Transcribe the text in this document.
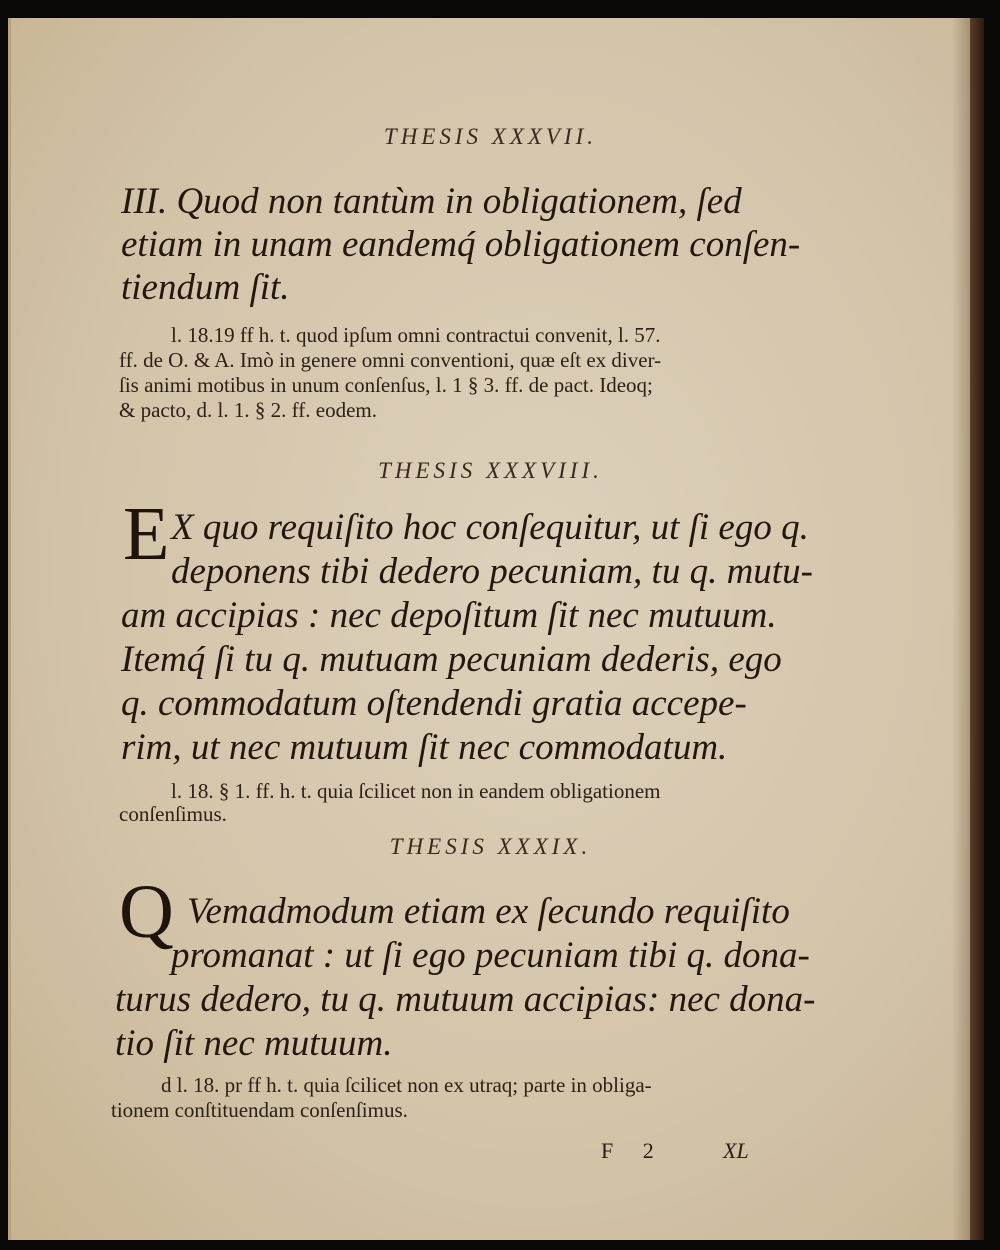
THESIS XXXVII.

III. Quod non tantùm in obligationem, ſed

etiam in unam eandemq́ obligationem conſen-

tiendum ſit.

l. 18.19 ff h. t. quod ipſum omni contractui convenit, l. 57.

ff. de O. & A. Imò in genere omni conventioni, quæ eſt ex diver-

ſis animi motibus in unum conſenſus, l. 1 § 3. ff. de pact. Ideoq;

& pacto, d. l. 1. § 2. ff. eodem.

THESIS XXXVIII.
E X quo requiſito hoc conſequitur, ut ſi ego q.

deponens tibi dedero pecuniam, tu q. mutu-

am accipias : nec depoſitum ſit nec mutuum.

Itemq́ ſi tu q. mutuam pecuniam dederis, ego

q. commodatum oſtendendi gratia accepe-

rim, ut nec mutuum ſit nec commodatum.

l. 18. § 1. ff. h. t. quia ſcilicet non in eandem obligationem

conſenſimus.

THESIS XXXIX.
Q Vemadmodum etiam ex ſecundo requiſito

promanat : ut ſi ego pecuniam tibi q. dona-

turus dedero, tu q. mutuum accipias: nec dona-

tio ſit nec mutuum.

d l. 18. pr ff h. t. quia ſcilicet non ex utraq; parte in obliga-

tionem conſtituendam conſenſimus.

F 2	XL
